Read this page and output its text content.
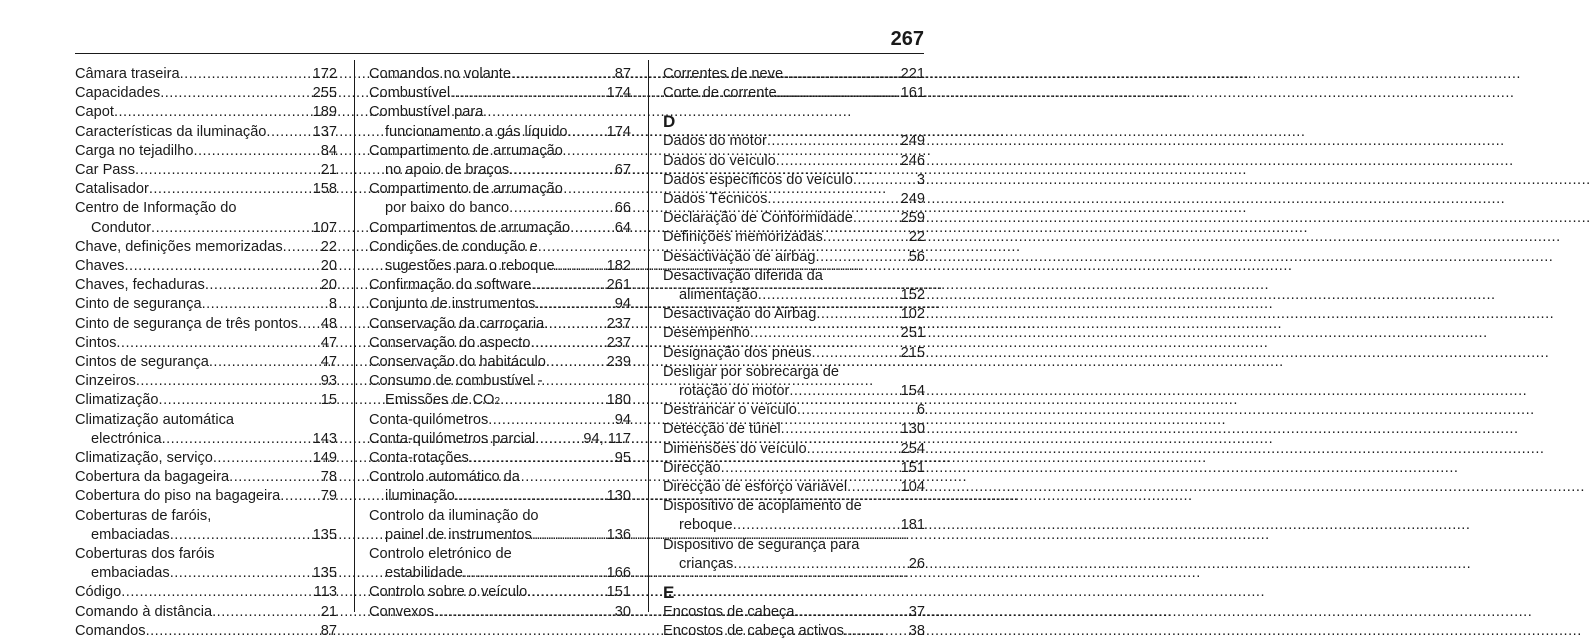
267
Câmara traseira .....	172
Capacidades .....	255
Capot .....	189
Características da iluminação .....	137
Carga no tejadilho .....	84
Car Pass .....	21
Catalisador .....	158
Centro de Informação do
Condutor .....	107
Chave, definições memorizadas .....	22
Chaves .....	20
Chaves, fechaduras .....	20
Cinto de segurança .....	8
Cinto de segurança de três pontos ..... 48
Cintos .....	47
Cintos de segurança .....	47
Cinzeiros .....	93
Climatização .....	15
Climatização automática
electrónica .....	143
Climatização, serviço .....	149
Cobertura da bagageira .....	78
Cobertura do piso na bagageira .....	79
Coberturas de faróis,
embaciadas .....	135
Coberturas dos faróis
embaciadas .....	135
Código .....	113
Comando à distância .....	21
Comandos .....	87
Comandos no volante .....	87
Combustível .....	174
Combustível para
funcionamento a gás líquido .....	174
Compartimento de arrumação
no apoio de braços .....	67
Compartimento de arrumação
por baixo do banco .....	66
Compartimentos de arrumação .....	64
Condições de condução e
sugestões para o reboque .....	182
Confirmação do software .....	261
Conjunto de instrumentos .....	94
Conservação da carroçaria .....	237
Conservação do aspecto .....	237
Conservação do habitáculo .....	239
Consumo de combustível -
Emissões de CO 2 .....	180
Conta-quilómetros .....	94
Conta-quilómetros parcial .....	94, 117
Conta-rotações .....	95
Controlo automático da
iluminação .....	130
Controlo da iluminação do
painel de instrumentos .....	136
Controlo eletrónico de
estabilidade .....	166
Controlo sobre o veículo .....	151
Convexos .....	30
Correntes de neve .....	221
Corte de corrente .....	161
D
Dados do motor .....	249
Dados do veículo .....	246
Dados específicos do veículo .....	3
Dados Técnicos .....	249
Declaração de Conformidade .....	259
Definições memorizadas .....	22
Desactivação de airbag .....	56
Desactivação diferida da
alimentação .....	152
Desactivação do Airbag .....	102
Desempenho .....	251
Designação dos pneus .....	215
Desligar por sobrecarga de
rotação do motor .....	154
Destrancar o veículo .....	6
Detecção de túnel .....	130
Dimensões do veículo .....	254
Direcção .....	151
Direcção de esforço variável .....	104
Dispositivo de acoplamento de
reboque .....	181
Dispositivo de segurança para
crianças .....	26
E
Encostos de cabeça .....	37
Encostos de cabeça activos .....	38
